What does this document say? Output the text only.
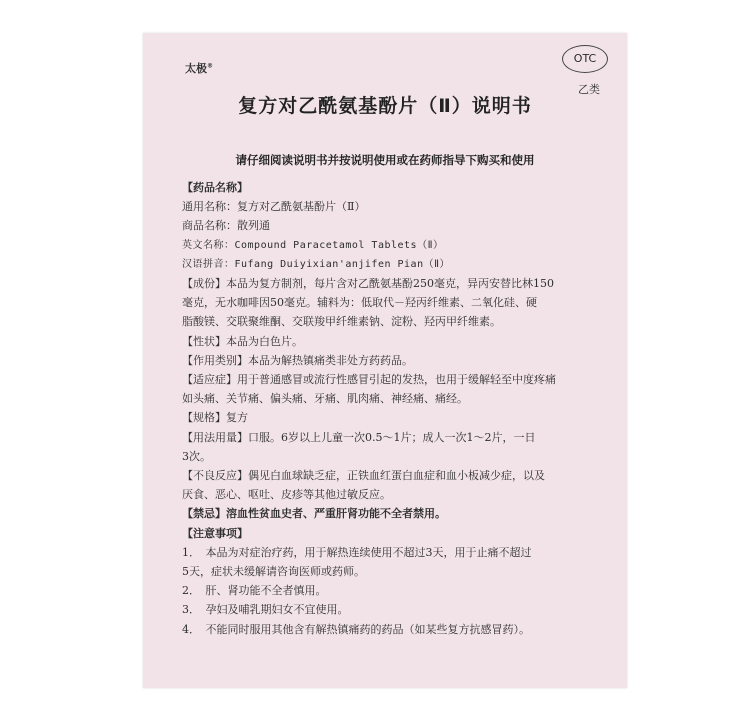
太极®
OTC
乙类
复方对乙酰氨基酚片（Ⅱ）说明书
请仔细阅读说明书并按说明使用或在药师指导下购买和使用

【药品名称】

通用名称：复方对乙酰氨基酚片（Ⅱ）

商品名称：散列通

英文名称：Compound Paracetamol Tablets（Ⅱ）

汉语拼音：Fufang Duiyixian'anjifen Pian（Ⅱ）

【成份】本品为复方制剂，每片含对乙酰氨基酚250毫克，异丙安替比林150

毫克，无水咖啡因50毫克。辅料为：低取代－羟丙纤维素、二氧化硅、硬

脂酸镁、交联聚维酮、交联羧甲纤维素钠、淀粉、羟丙甲纤维素。

【性状】本品为白色片。

【作用类别】本品为解热镇痛类非处方药药品。

【适应症】用于普通感冒或流行性感冒引起的发热，也用于缓解轻至中度疼痛

如头痛、关节痛、偏头痛、牙痛、肌肉痛、神经痛、痛经。

【规格】复方

【用法用量】口服。6岁以上儿童一次0.5～1片；成人一次1～2片，一日

3次。

【不良反应】偶见白血球缺乏症，正铁血红蛋白血症和血小板减少症，以及

厌食、恶心、呕吐、皮疹等其他过敏反应。

【禁忌】溶血性贫血史者、严重肝肾功能不全者禁用。

【注意事项】

1．　本品为对症治疗药，用于解热连续使用不超过3天，用于止痛不超过

5天，症状未缓解请咨询医师或药师。

2．　肝、肾功能不全者慎用。

3．　孕妇及哺乳期妇女不宜使用。

4．　不能同时服用其他含有解热镇痛药的药品（如某些复方抗感冒药）。
